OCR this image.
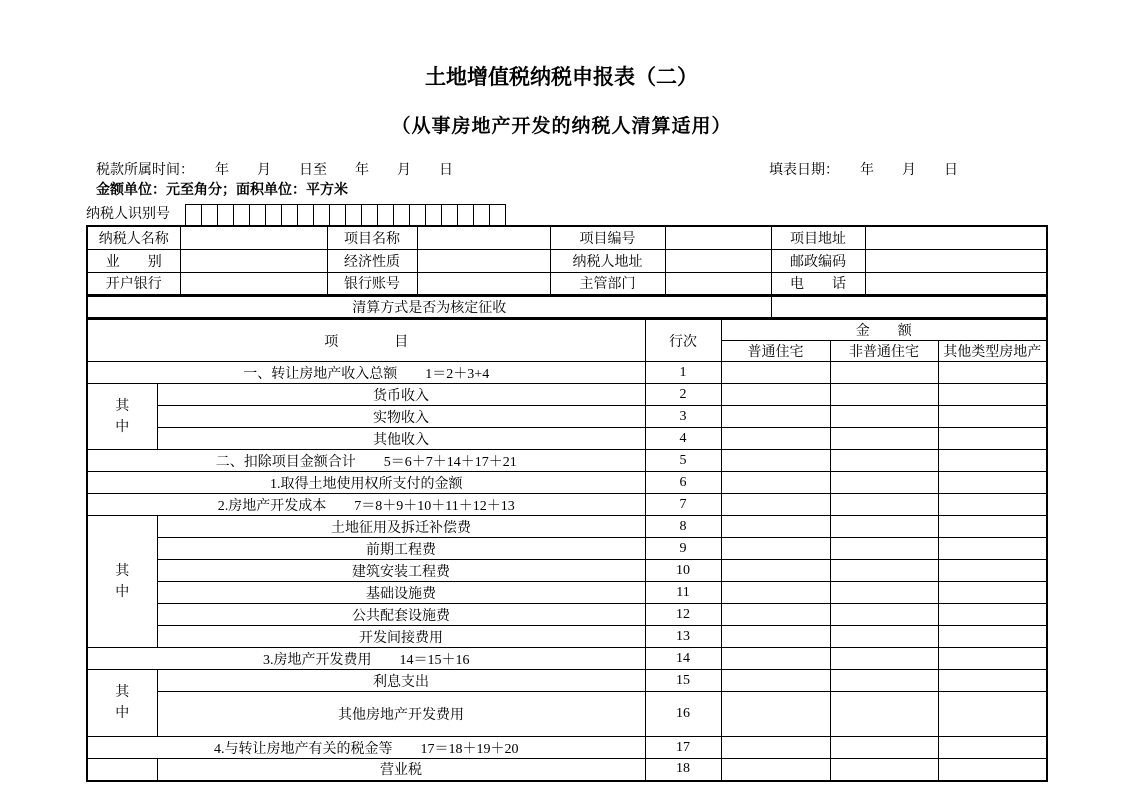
土地增值税纳税申报表（二）
（从事房地产开发的纳税人清算适用）
税款所属时间：　　年　　月　　日至　　年　　月　　日	填表日期：　　年　　月　　日
金额单位：元至角分；面积单位：平方米
纳税人识别号
纳税人名称		项目名称		项目编号		项目地址	
业　　别		经济性质		纳税人地址		邮政编码	
开户银行		银行账号		主管部门		电　　话	
清算方式是否为核定征收	
项　　　　目		行次	金　　额		
			普通住宅	非普通住宅	其他类型房地产
一、转让房地产收入总额　　1＝2＋3+4		1			

其中	货币收入	2			
	实物收入	3			
	其他收入	4			
二、扣除项目金额合计　　5＝6＋7＋14＋17＋21		5			
1.取得土地使用权所支付的金额		6			
2.房地产开发成本　　7＝8＋9＋10＋11＋12＋13		7			

其中	土地征用及拆迁补偿费	8			
	前期工程费	9			
	建筑安装工程费	10			
	基础设施费	11			
	公共配套设施费	12			
	开发间接费用	13			
3.房地产开发费用　　14＝15＋16		14			

其中	利息支出	15			
	其他房地产开发费用	16			
4.与转让房地产有关的税金等　　17＝18＋19＋20		17			
	营业税	18			
